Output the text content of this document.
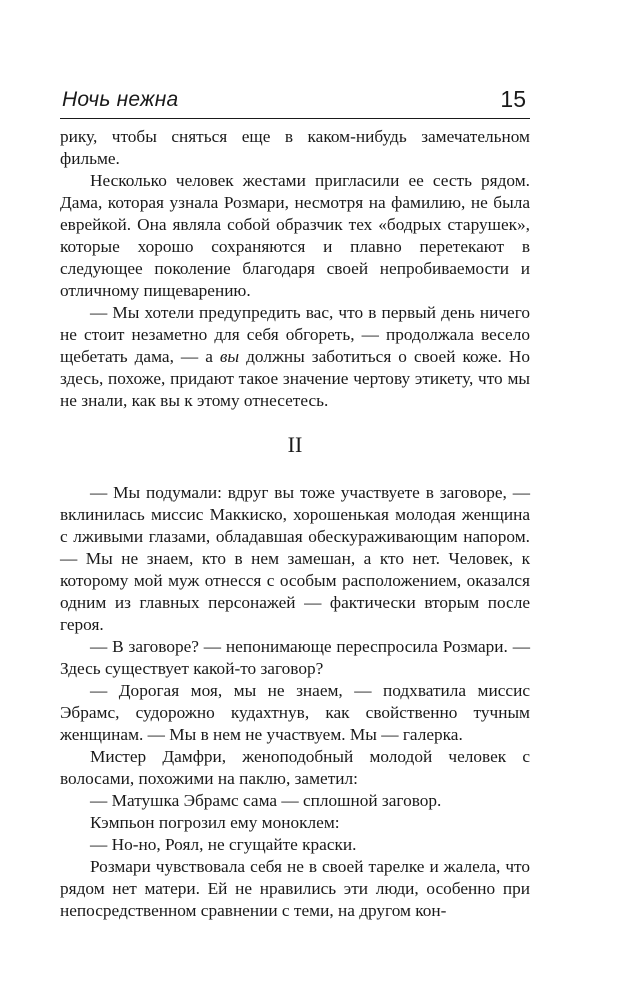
Ночь нежна	15

рику, чтобы сняться еще в каком-нибудь замечательном фильме.

Несколько человек жестами пригласили ее сесть рядом. Дама, которая узнала Розмари, несмотря на фамилию, не была еврейкой. Она являла собой образчик тех «бодрых старушек», которые хорошо сохраняются и плавно перетекают в следующее поколение благодаря своей непробиваемости и отличному пищеварению.

— Мы хотели предупредить вас, что в первый день ничего не стоит незаметно для себя обгореть, — продолжала весело щебетать дама, — а вы должны заботиться о своей коже. Но здесь, похоже, придают такое значение чертову этикету, что мы не знали, как вы к этому отнесетесь.

II

— Мы подумали: вдруг вы тоже участвуете в заговоре, — вклинилась миссис Маккиско, хорошенькая молодая женщина с лживыми глазами, обладавшая обескураживающим напором. — Мы не знаем, кто в нем замешан, а кто нет. Человек, к которому мой муж отнесся с особым расположением, оказался одним из главных персонажей — фактически вторым после героя.

— В заговоре? — непонимающе переспросила Розмари. — Здесь существует какой-то заговор?

— Дорогая моя, мы не знаем, — подхватила миссис Эбрамс, судорожно кудахтнув, как свойственно тучным женщинам. — Мы в нем не участвуем. Мы — галерка.

Мистер Дамфри, женоподобный молодой человек с волосами, похожими на паклю, заметил:

— Матушка Эбрамс сама — сплошной заговор.

Кэмпьон погрозил ему моноклем:

— Но-но, Роял, не сгущайте краски.

Розмари чувствовала себя не в своей тарелке и жалела, что рядом нет матери. Ей не нравились эти люди, особенно при непосредственном сравнении с теми, на другом кон-
